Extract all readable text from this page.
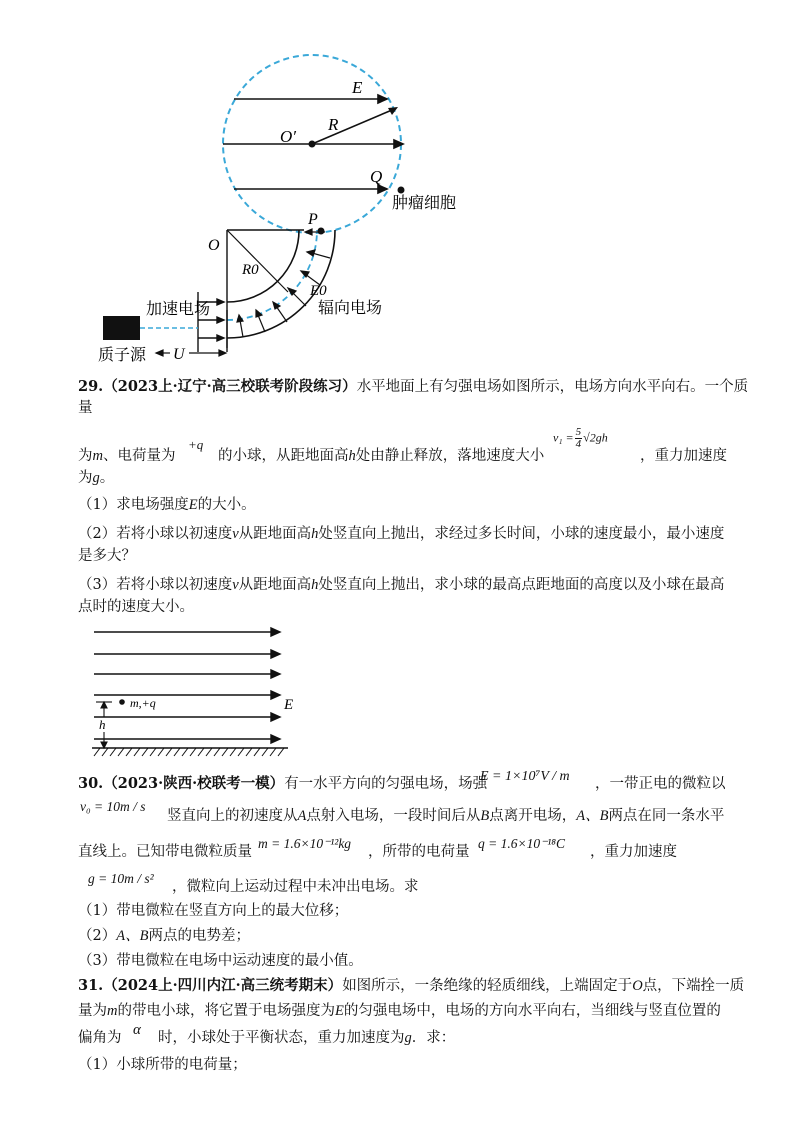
E
R
O′
Q
肿瘤细胞
P
O
R0
E0
辐向电场
加速电场
质子源 U
29.（2023上·辽宁·高三校联考阶段练习）水平地面上有匀强电场如图所示，电场方向水平向右。一个质
量
为m、电荷量为
+q
的小球，从距地面高h处由静止释放，落地速度大小
$v_1 = \frac{5}{4} √2gh$
，重力加速度
为g。
（1）求电场强度E的大小。
（2）若将小球以初速度v从距地面高h处竖直向上抛出，求经过多长时间，小球的速度最小，最小速度
是多大？
（3）若将小球以初速度v从距地面高h处竖直向上抛出，求小球的最高点距地面的高度以及小球在最高
点时的速度大小。
E
m,+q
h
30.（2023·陕西·校联考一模）有一水平方向的匀强电场，场强
E = 1×10⁷V / m ，一带正电的微粒以
v₀ = 10m / s
竖直向上的初速度从A点射入电场，一段时间后从B点离开电场，A、B两点在同一条水平
直线上。已知带电微粒质量
m = 1.6×10⁻¹²kg
，所带的电荷量
q = 1.6×10⁻¹⁸C
，重力加速度
g = 10m / s²
，微粒向上运动过程中未冲出电场。求
（1）带电微粒在竖直方向上的最大位移；
（2）A、B两点的电势差；
（3）带电微粒在电场中运动速度的最小值。
31.（2024上·四川内江·高三统考期末）如图所示，一条绝缘的轻质细线，上端固定于O点，下端拴一质
量为m的带电小球，将它置于电场强度为E的匀强电场中，电场的方向水平向右，当细线与竖直位置的
偏角为 α 时，小球处于平衡状态，重力加速度为g．求：
（1）小球所带的电荷量；
